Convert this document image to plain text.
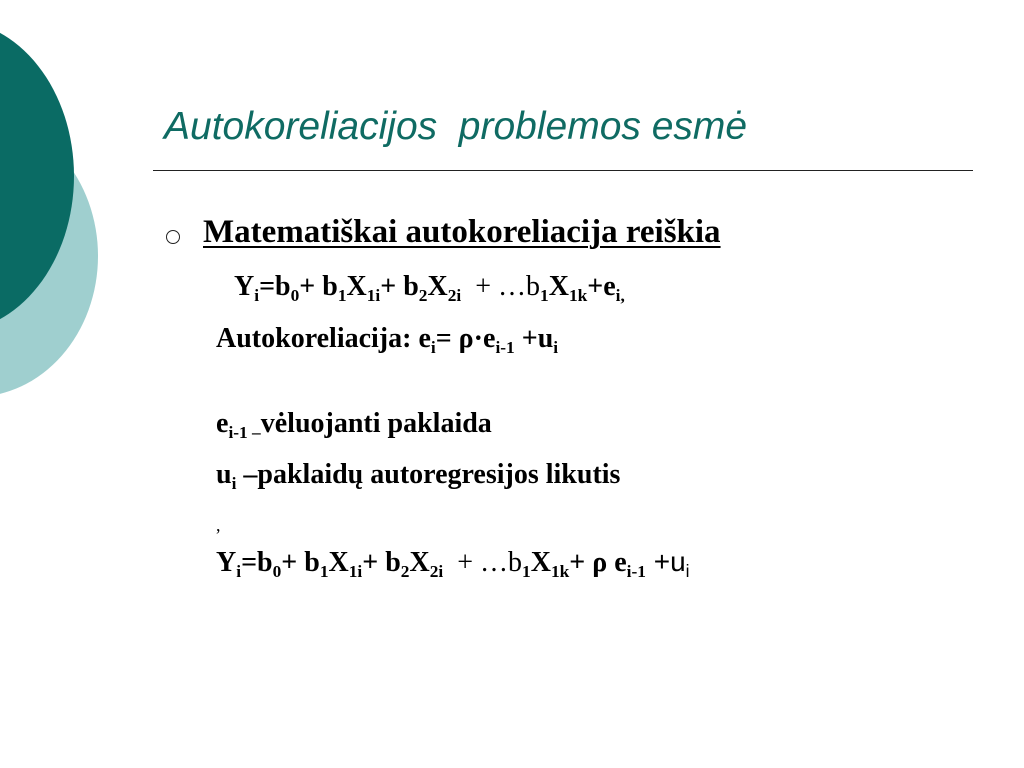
Autokoreliacijos  problemos esmė
Matematiškai autokoreliacija reiškia
$Y_i=b_0+ b_1X_{1i}+ b_2X_{2i}$  + $\dots b_1X_{1k}+e_{i,}$
Autokoreliacija: $e_i= \rho\cdot e_{i-1} +u_i$
$e_{i-1 -}vėluojanti$ paklaida
$u_i$ –paklaidų autoregresijos likutis
,
$Y_i=b_0+ b_1X_{1i}+ b_2X_{2i}$  + $\dots b_1X_{1k}+ \rho$ $e_{i-1} +u_i$
